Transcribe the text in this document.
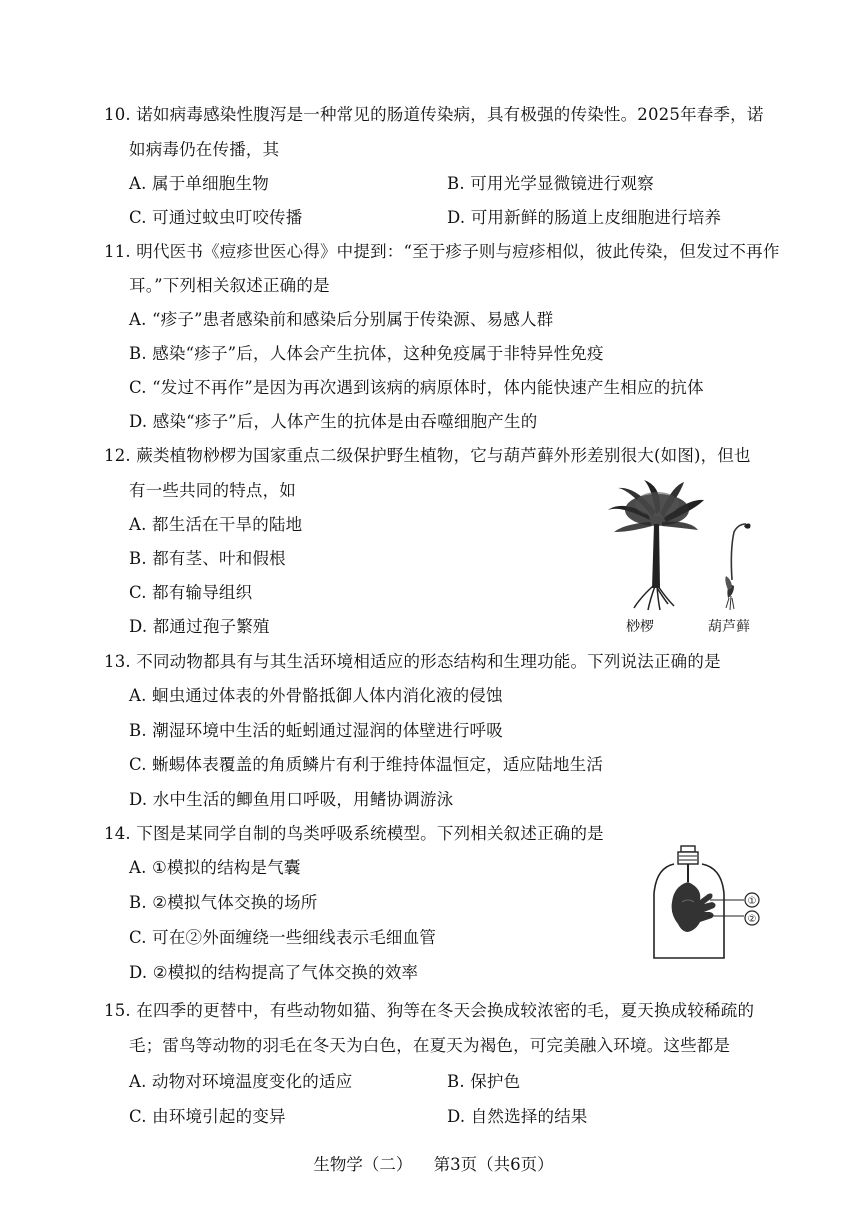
10. 诺如病毒感染性腹泻是一种常见的肠道传染病，具有极强的传染性。2025年春季，诺
如病毒仍在传播，其
A. 属于单细胞生物	B. 可用光学显微镜进行观察
C. 可通过蚊虫叮咬传播	D. 可用新鲜的肠道上皮细胞进行培养
11. 明代医书《痘疹世医心得》中提到：“至于疹子则与痘疹相似，彼此传染，但发过不再作
耳。”下列相关叙述正确的是
A. “疹子”患者感染前和感染后分别属于传染源、易感人群
B. 感染“疹子”后，人体会产生抗体，这种免疫属于非特异性免疫
C. “发过不再作”是因为再次遇到该病的病原体时，体内能快速产生相应的抗体
D. 感染“疹子”后，人体产生的抗体是由吞噬细胞产生的
12. 蕨类植物桫椤为国家重点二级保护野生植物，它与葫芦藓外形差别很大(如图)，但也
有一些共同的特点，如
A. 都生活在干旱的陆地
B. 都有茎、叶和假根
C. 都有输导组织
D. 都通过孢子繁殖	桫椤	葫芦藓
13. 不同动物都具有与其生活环境相适应的形态结构和生理功能。下列说法正确的是
A. 蛔虫通过体表的外骨骼抵御人体内消化液的侵蚀
B. 潮湿环境中生活的蚯蚓通过湿润的体壁进行呼吸
C. 蜥蜴体表覆盖的角质鳞片有利于维持体温恒定，适应陆地生活
D. 水中生活的鲫鱼用口呼吸，用鳍协调游泳
14. 下图是某同学自制的鸟类呼吸系统模型。下列相关叙述正确的是
A. ①模拟的结构是气囊
B. ②模拟气体交换的场所
C. 可在②外面缠绕一些细线表示毛细血管
D. ②模拟的结构提高了气体交换的效率
①
②
15. 在四季的更替中，有些动物如猫、狗等在冬天会换成较浓密的毛，夏天换成较稀疏的
毛；雷鸟等动物的羽毛在冬天为白色，在夏天为褐色，可完美融入环境。这些都是
A. 动物对环境温度变化的适应	B. 保护色
C. 由环境引起的变异	D. 自然选择的结果
生物学（二） 第3页（共6页）
